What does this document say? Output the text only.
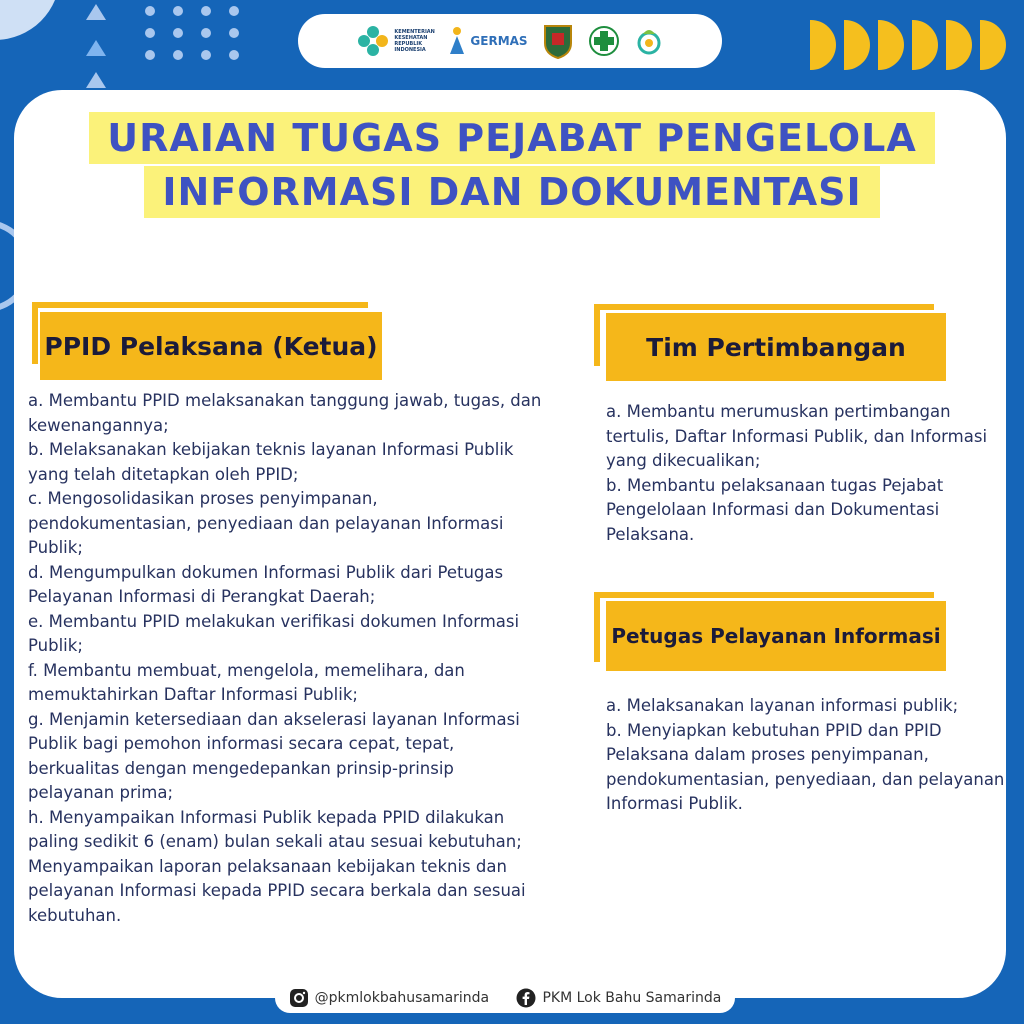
KEMENTERIAN KESEHATAN REPUBLIK INDONESIA
GERMAS
URAIAN TUGAS PEJABAT PENGELOLA
INFORMASI DAN DOKUMENTASI
PPID Pelaksana (Ketua)

a. Membantu PPID melaksanakan tanggung jawab, tugas, dan kewenangannya;

b. Melaksanakan kebijakan teknis layanan Informasi Publik yang telah ditetapkan oleh PPID;

c. Mengosolidasikan proses penyimpanan, pendokumentasian, penyediaan dan pelayanan Informasi Publik;

d. Mengumpulkan dokumen Informasi Publik dari Petugas Pelayanan Informasi di Perangkat Daerah;

e. Membantu PPID melakukan verifikasi dokumen Informasi Publik;

f. Membantu membuat, mengelola, memelihara, dan memuktahirkan Daftar Informasi Publik;

g. Menjamin ketersediaan dan akselerasi layanan Informasi Publik bagi pemohon informasi secara cepat, tepat, berkualitas dengan mengedepankan prinsip-prinsip pelayanan prima;

h. Menyampaikan Informasi Publik kepada PPID dilakukan paling sedikit 6 (enam) bulan sekali atau sesuai kebutuhan;

Menyampaikan laporan pelaksanaan kebijakan teknis dan pelayanan Informasi kepada PPID secara berkala dan sesuai kebutuhan.

Tim Pertimbangan

a. Membantu merumuskan pertimbangan tertulis, Daftar Informasi Publik, dan Informasi yang dikecualikan;

b. Membantu pelaksanaan tugas Pejabat Pengelolaan Informasi dan Dokumentasi Pelaksana.

Petugas Pelayanan Informasi

a. Melaksanakan layanan informasi publik;

b. Menyiapkan kebutuhan PPID dan PPID Pelaksana dalam proses penyimpanan, pendokumentasian, penyediaan, dan pelayanan Informasi Publik.

@pkmlokbahusamarinda	PKM Lok Bahu Samarinda
